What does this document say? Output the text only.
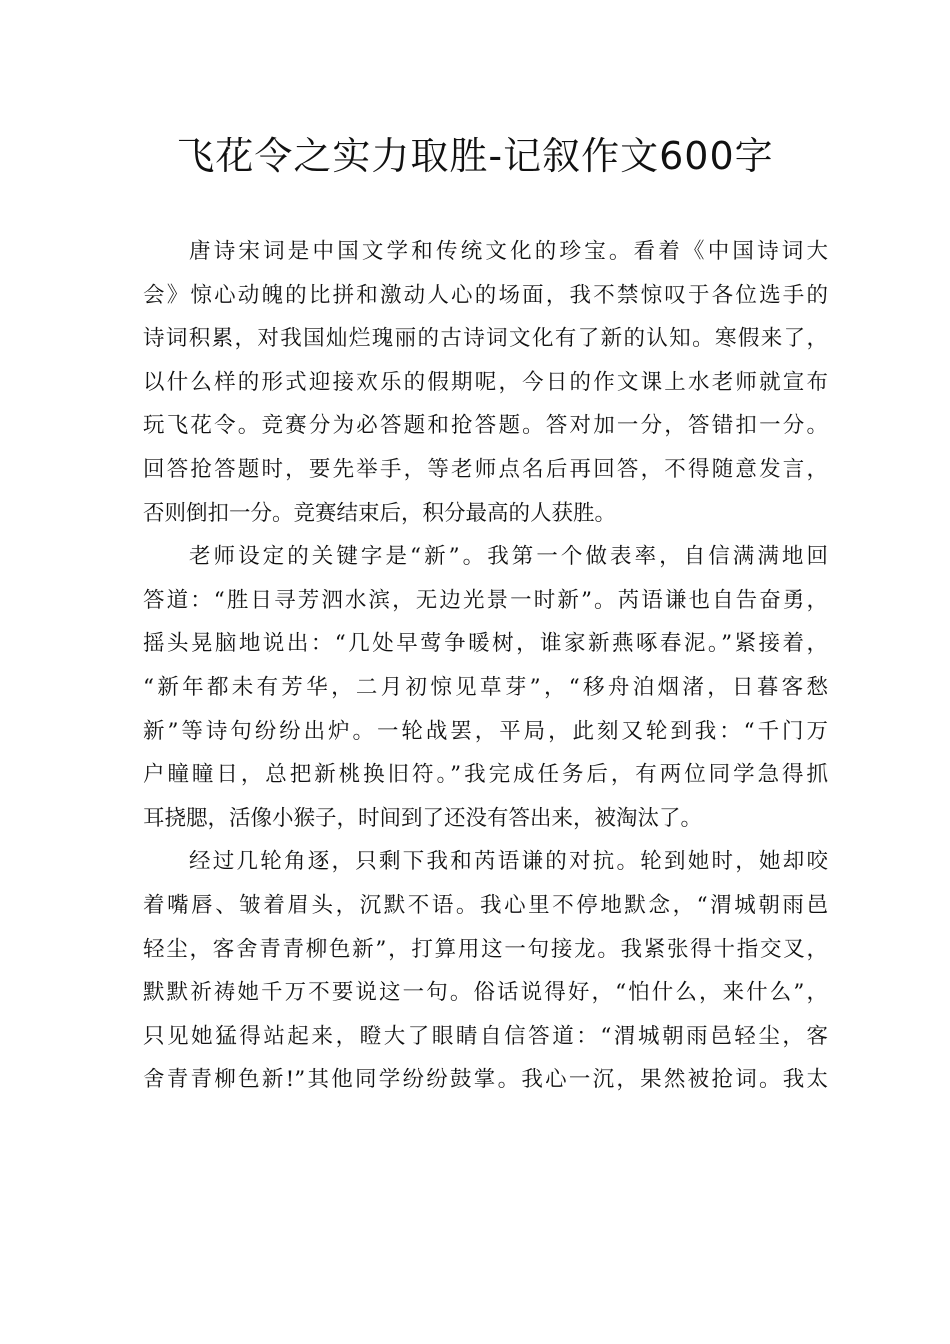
飞花令之实力取胜-记叙作文600字
唐诗宋词是中国文学和传统文化的珍宝。看着《中国诗词大
会》惊心动魄的比拼和激动人心的场面，我不禁惊叹于各位选手的
诗词积累，对我国灿烂瑰丽的古诗词文化有了新的认知。寒假来了，
以什么样的形式迎接欢乐的假期呢，今日的作文课上水老师就宣布
玩飞花令。竞赛分为必答题和抢答题。答对加一分，答错扣一分。
回答抢答题时，要先举手，等老师点名后再回答，不得随意发言，
否则倒扣一分。竞赛结束后，积分最高的人获胜。
老师设定的关键字是“新”。我第一个做表率，自信满满地回
答道：“胜日寻芳泗水滨，无边光景一时新”。芮语谦也自告奋勇，
摇头晃脑地说出：“几处早莺争暖树，谁家新燕啄春泥。”紧接着，
“新年都未有芳华，二月初惊见草芽”，“移舟泊烟渚，日暮客愁
新”等诗句纷纷出炉。一轮战罢，平局，此刻又轮到我：“千门万
户瞳瞳日，总把新桃换旧符。”我完成任务后，有两位同学急得抓
耳挠腮，活像小猴子，时间到了还没有答出来，被淘汰了。
经过几轮角逐，只剩下我和芮语谦的对抗。轮到她时，她却咬
着嘴唇、皱着眉头，沉默不语。我心里不停地默念，“渭城朝雨邑
轻尘，客舍青青柳色新”，打算用这一句接龙。我紧张得十指交叉，
默默祈祷她千万不要说这一句。俗话说得好，“怕什么，来什么”，
只见她猛得站起来，瞪大了眼睛自信答道：“渭城朝雨邑轻尘，客
舍青青柳色新!”其他同学纷纷鼓掌。我心一沉，果然被抢词。我太
